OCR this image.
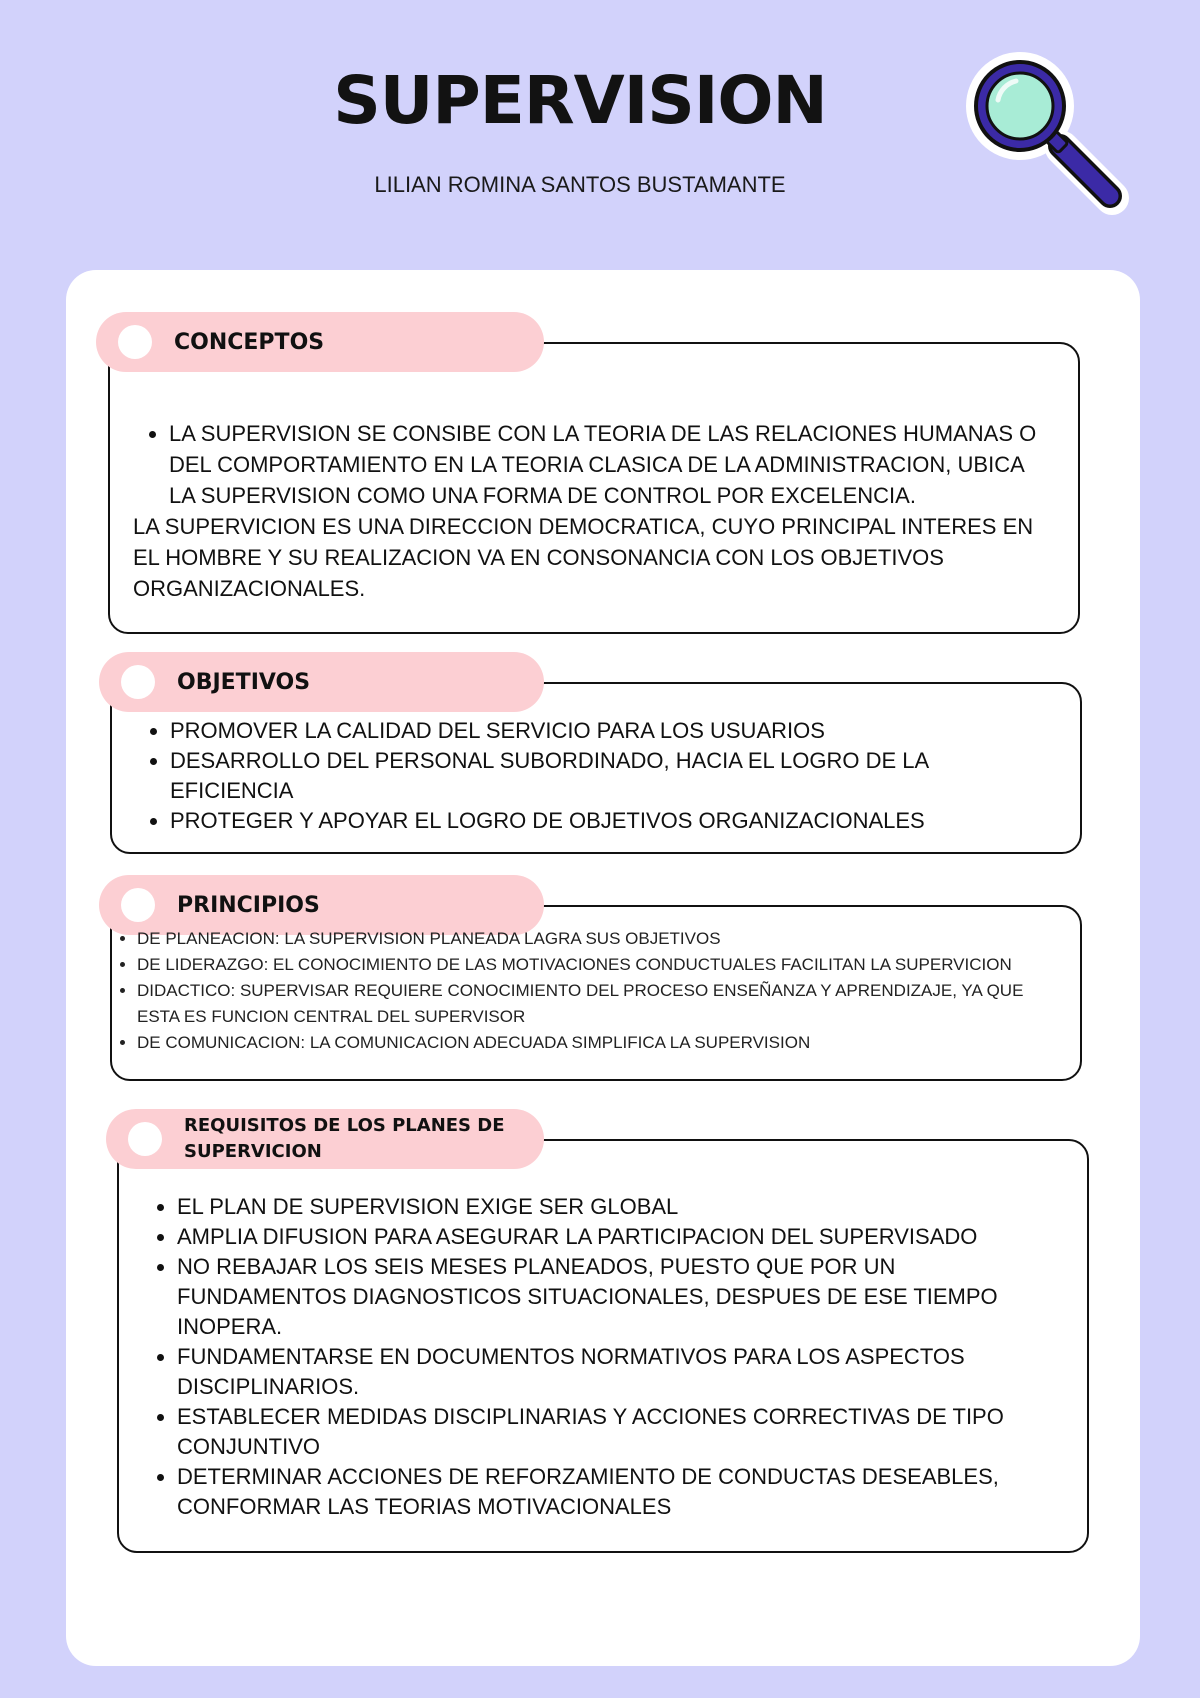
SUPERVISION
LILIAN ROMINA SANTOS BUSTAMANTE
CONCEPTOS
• LA SUPERVISION SE CONSIBE CON LA TEORIA DE LAS RELACIONES HUMANAS O DEL COMPORTAMIENTO EN LA TEORIA CLASICA DE LA ADMINISTRACION, UBICA LA SUPERVISION COMO UNA FORMA DE CONTROL POR EXCELENCIA.

LA SUPERVICION ES UNA DIRECCION DEMOCRATICA, CUYO PRINCIPAL INTERES EN EL HOMBRE Y SU REALIZACION VA EN CONSONANCIA CON LOS OBJETIVOS ORGANIZACIONALES.

OBJETIVOS
• PROMOVER LA CALIDAD DEL SERVICIO PARA LOS USUARIOS
• DESARROLLO DEL PERSONAL SUBORDINADO, HACIA EL LOGRO DE LA EFICIENCIA
• PROTEGER Y APOYAR EL LOGRO DE OBJETIVOS ORGANIZACIONALES
PRINCIPIOS
• DE PLANEACION: LA SUPERVISION PLANEADA LAGRA SUS OBJETIVOS
• DE LIDERAZGO: EL CONOCIMIENTO DE LAS MOTIVACIONES CONDUCTUALES FACILITAN LA SUPERVICION
• DIDACTICO: SUPERVISAR REQUIERE CONOCIMIENTO DEL PROCESO ENSEÑANZA Y APRENDIZAJE, YA QUE ESTA ES FUNCION CENTRAL DEL SUPERVISOR
• DE COMUNICACION: LA COMUNICACION ADECUADA SIMPLIFICA LA SUPERVISION
REQUISITOS DE LOS PLANES DE
SUPERVICION
• EL PLAN DE SUPERVISION EXIGE SER GLOBAL
• AMPLIA DIFUSION PARA ASEGURAR LA PARTICIPACION DEL SUPERVISADO
• NO REBAJAR LOS SEIS MESES PLANEADOS, PUESTO QUE POR UN FUNDAMENTOS DIAGNOSTICOS SITUACIONALES, DESPUES DE ESE TIEMPO INOPERA.
• FUNDAMENTARSE EN DOCUMENTOS NORMATIVOS PARA LOS ASPECTOS DISCIPLINARIOS.
• ESTABLECER MEDIDAS DISCIPLINARIAS Y ACCIONES CORRECTIVAS DE TIPO CONJUNTIVO
• DETERMINAR ACCIONES DE REFORZAMIENTO DE CONDUCTAS DESEABLES, CONFORMAR LAS TEORIAS MOTIVACIONALES
